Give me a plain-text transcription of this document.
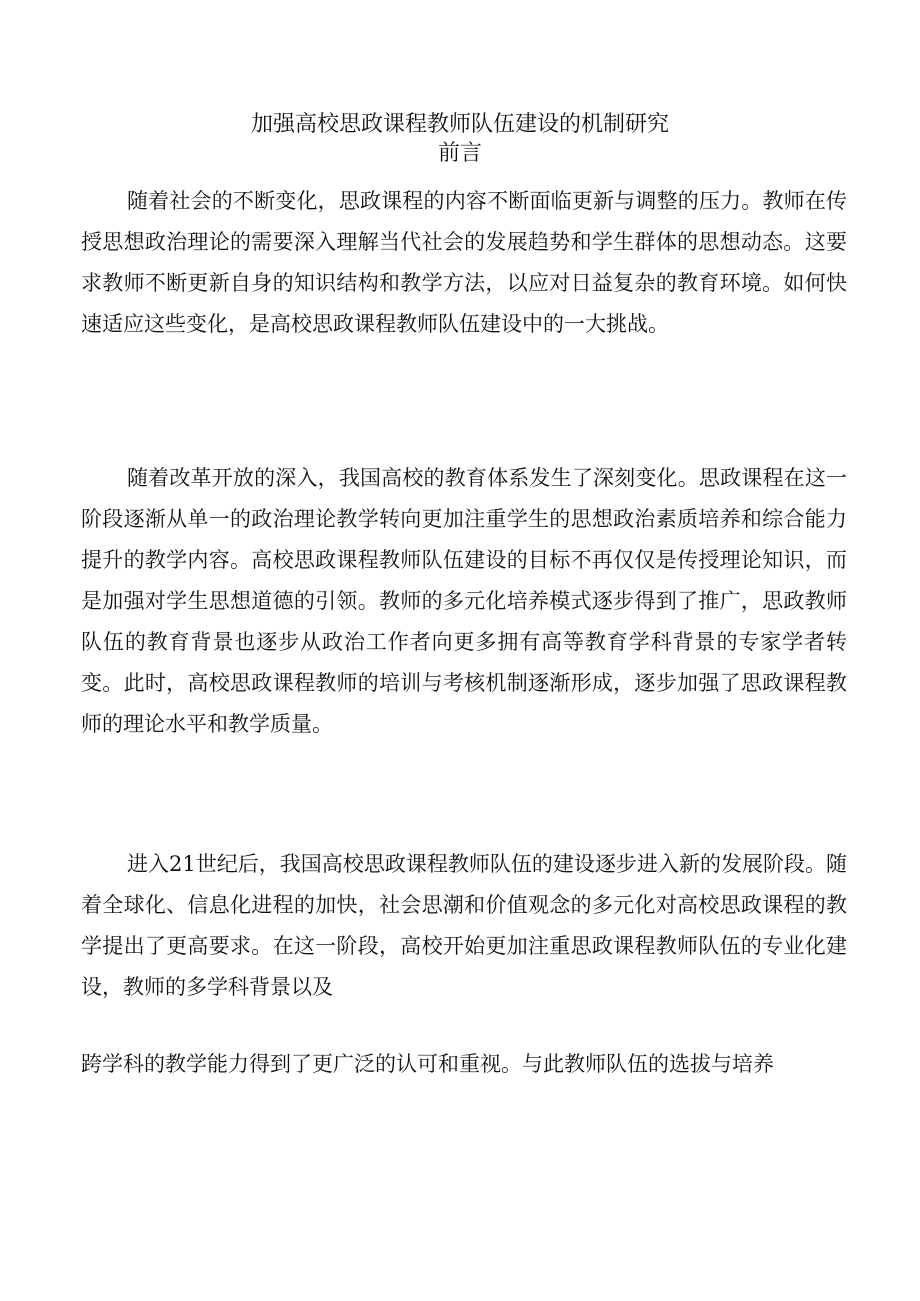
加强高校思政课程教师队伍建设的机制研究
前言

随着社会的不断变化，思政课程的内容不断面临更新与调整的压力。教师在传授思想政治理论的需要深入理解当代社会的发展趋势和学生群体的思想动态。这要求教师不断更新自身的知识结构和教学方法，以应对日益复杂的教育环境。如何快速适应这些变化，是高校思政课程教师队伍建设中的一大挑战。

随着改革开放的深入，我国高校的教育体系发生了深刻变化。思政课程在这一阶段逐渐从单一的政治理论教学转向更加注重学生的思想政治素质培养和综合能力提升的教学内容。高校思政课程教师队伍建设的目标不再仅仅是传授理论知识，而是加强对学生思想道德的引领。教师的多元化培养模式逐步得到了推广，思政教师队伍的教育背景也逐步从政治工作者向更多拥有高等教育学科背景的专家学者转变。此时，高校思政课程教师的培训与考核机制逐渐形成，逐步加强了思政课程教师的理论水平和教学质量。

进入21世纪后，我国高校思政课程教师队伍的建设逐步进入新的发展阶段。随着全球化、信息化进程的加快，社会思潮和价值观念的多元化对高校思政课程的教学提出了更高要求。在这一阶段，高校开始更加注重思政课程教师队伍的专业化建设，教师的多学科背景以及

跨学科的教学能力得到了更广泛的认可和重视。与此教师队伍的选拔与培养
